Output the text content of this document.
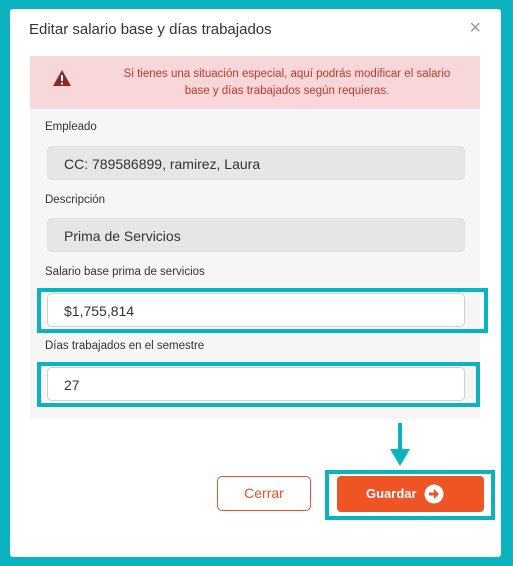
Editar salario base y días trabajados	×
Si tienes una situación especial, aquí podrás modificar el salario base y días trabajados según requieras.
Empleado
CC: 789586899, ramirez, Laura
Descripción
Prima de Servicios
Salario base prima de servicios
$1,755,814
Días trabajados en el semestre
27
Cerrar	Guardar
